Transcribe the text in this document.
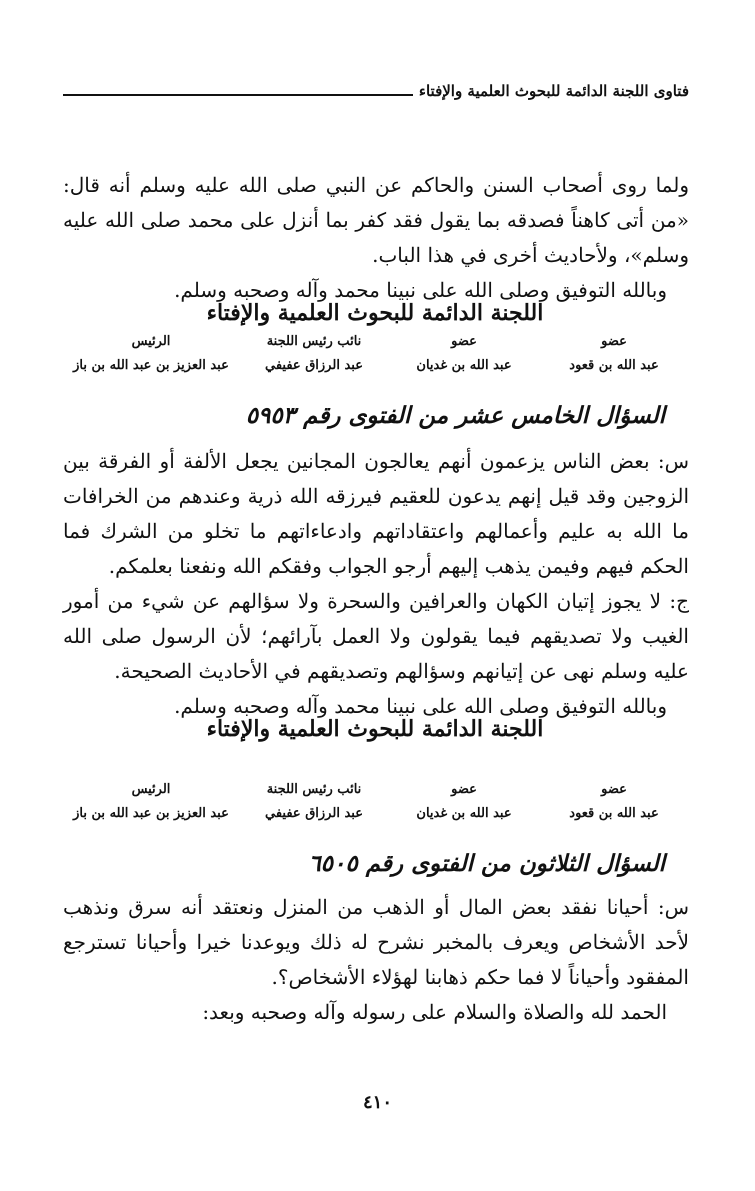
فتاوى اللجنة الدائمة للبحوث العلمية والإفتاء

ولما روى أصحاب السنن والحاكم عن النبي صلى الله عليه وسلم أنه قال: «من أتى كاهناً فصدقه بما يقول فقد كفر بما أنزل على محمد صلى الله عليه وسلم»، ولأحاديث أخرى في هذا الباب.

وبالله التوفيق وصلى الله على نبينا محمد وآله وصحبه وسلم.

اللجنة الدائمة للبحوث العلمية والإفتاء
عضو
عضو
نائب رئيس اللجنة
الرئيس
عبد الله بن قعود
عبد الله بن غديان
عبد الرزاق عفيفي
عبد العزيز بن عبد الله بن باز
السؤال الخامس عشر من الفتوى رقم ٥٩٥٣

س: بعض الناس يزعمون أنهم يعالجون المجانين يجعل الألفة أو الفرقة بين الزوجين وقد قيل إنهم يدعون للعقيم فيرزقه الله ذرية وعندهم من الخرافات ما الله به عليم وأعمالهم واعتقاداتهم وادعاءاتهم ما تخلو من الشرك فما الحكم فيهم وفيمن يذهب إليهم أرجو الجواب وفقكم الله ونفعنا بعلمكم.

ج: لا يجوز إتيان الكهان والعرافين والسحرة ولا سؤالهم عن شيء من أمور الغيب ولا تصديقهم فيما يقولون ولا العمل بآرائهم؛ لأن الرسول صلى الله عليه وسلم نهى عن إتيانهم وسؤالهم وتصديقهم في الأحاديث الصحيحة.

وبالله التوفيق وصلى الله على نبينا محمد وآله وصحبه وسلم.

اللجنة الدائمة للبحوث العلمية والإفتاء
عضو
عضو
نائب رئيس اللجنة
الرئيس
عبد الله بن قعود
عبد الله بن غديان
عبد الرزاق عفيفي
عبد العزيز بن عبد الله بن باز
السؤال الثلاثون من الفتوى رقم ٦٥٠٥

س: أحيانا نفقد بعض المال أو الذهب من المنزل ونعتقد أنه سرق ونذهب لأحد الأشخاص ويعرف بالمخبر نشرح له ذلك ويوعدنا خيرا وأحيانا تسترجع المفقود وأحياناً لا فما حكم ذهابنا لهؤلاء الأشخاص؟.

الحمد لله والصلاة والسلام على رسوله وآله وصحبه وبعد:

٤١٠
